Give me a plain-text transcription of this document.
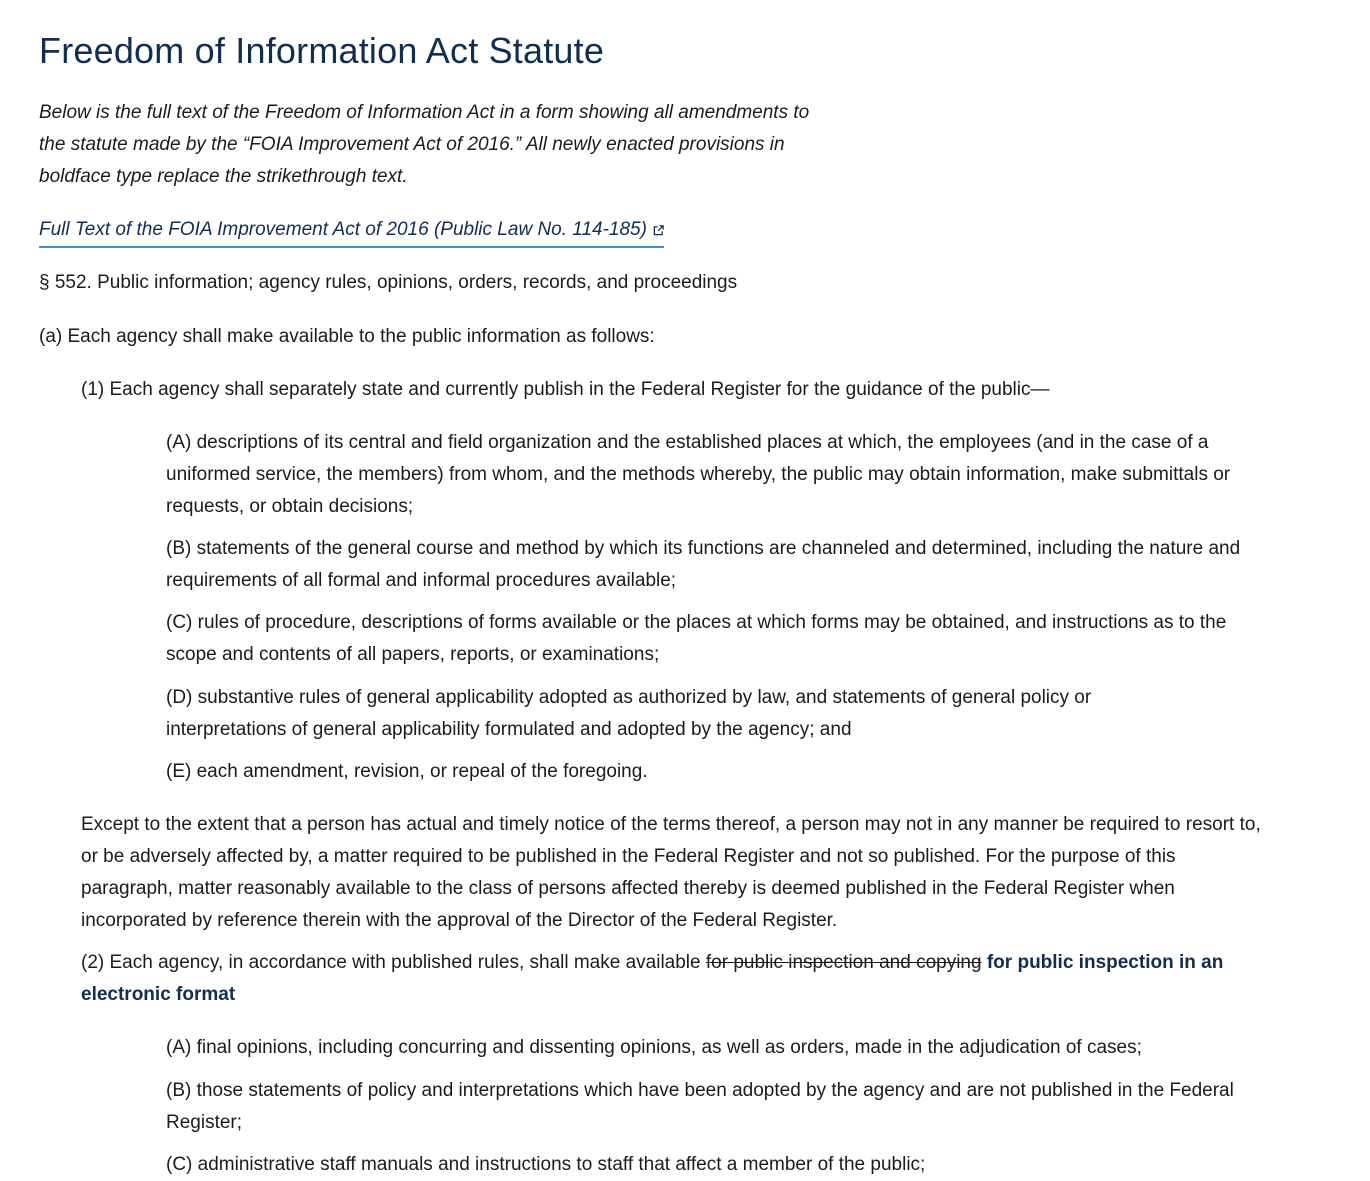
Freedom of Information Act Statute

Below is the full text of the Freedom of Information Act in a form showing all amendments to the statute made by the “FOIA Improvement Act of 2016.” All newly enacted provisions in boldface type replace the strikethrough text.

Full Text of the FOIA Improvement Act of 2016 (Public Law No. 114-185)

§ 552. Public information; agency rules, opinions, orders, records, and proceedings

(a) Each agency shall make available to the public information as follows:

(1) Each agency shall separately state and currently publish in the Federal Register for the guidance of the public—

(A) descriptions of its central and field organization and the established places at which, the employees (and in the case of a uniformed service, the members) from whom, and the methods whereby, the public may obtain information, make submittals or requests, or obtain decisions;

(B) statements of the general course and method by which its functions are channeled and determined, including the nature and requirements of all formal and informal procedures available;

(C) rules of procedure, descriptions of forms available or the places at which forms may be obtained, and instructions as to the scope and contents of all papers, reports, or examinations;

(D) substantive rules of general applicability adopted as authorized by law, and statements of general policy or interpretations of general applicability formulated and adopted by the agency; and

(E) each amendment, revision, or repeal of the foregoing.

Except to the extent that a person has actual and timely notice of the terms thereof, a person may not in any manner be required to resort to, or be adversely affected by, a matter required to be published in the Federal Register and not so published. For the purpose of this paragraph, matter reasonably available to the class of persons affected thereby is deemed published in the Federal Register when incorporated by reference therein with the approval of the Director of the Federal Register.

(2) Each agency, in accordance with published rules, shall make available for public inspection and copying for public inspection in an electronic format

(A) final opinions, including concurring and dissenting opinions, as well as orders, made in the adjudication of cases;

(B) those statements of policy and interpretations which have been adopted by the agency and are not published in the Federal Register;

(C) administrative staff manuals and instructions to staff that affect a member of the public;
